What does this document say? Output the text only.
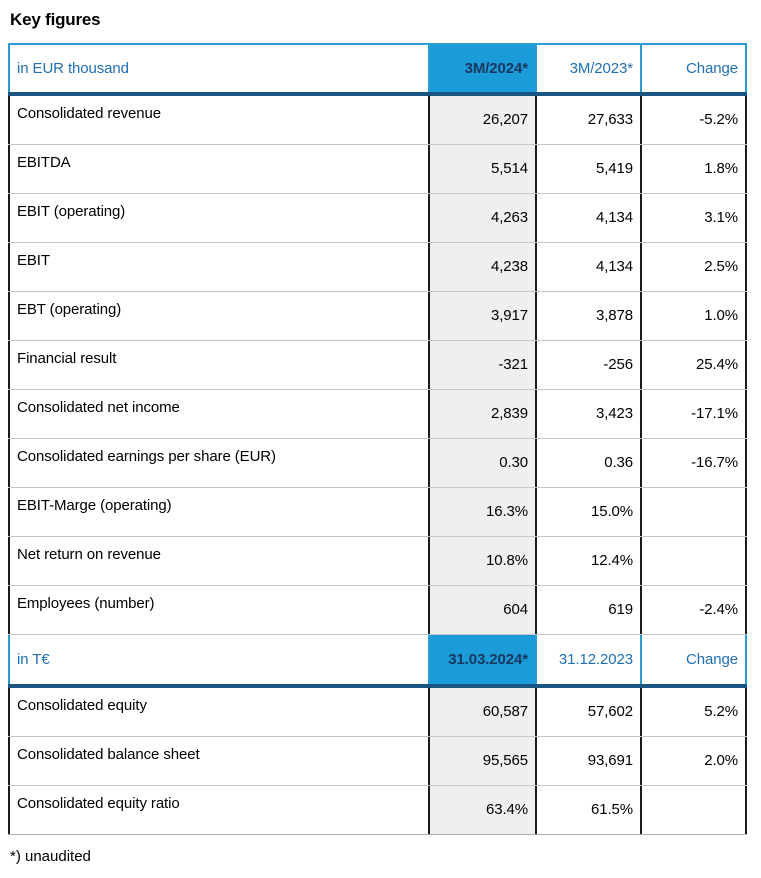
Key figures
in EUR thousand	3M/2024*	3M/2023*	Change
Consolidated revenue	26,207	27,633	-5.2%
EBITDA	5,514	5,419	1.8%
EBIT (operating)	4,263	4,134	3.1%
EBIT	4,238	4,134	2.5%
EBT (operating)	3,917	3,878	1.0%
Financial result	-321	-256	25.4%
Consolidated net income	2,839	3,423	-17.1%
Consolidated earnings per share (EUR)	0.30	0.36	-16.7%
EBIT-Marge (operating)	16.3%	15.0%
Net return on revenue	10.8%	12.4%
Employees (number)	604	619	-2.4%
in T€	31.03.2024*	31.12.2023	Change
Consolidated equity	60,587	57,602	5.2%
Consolidated balance sheet	95,565	93,691	2.0%
Consolidated equity ratio	63.4%	61.5%
*) unaudited
